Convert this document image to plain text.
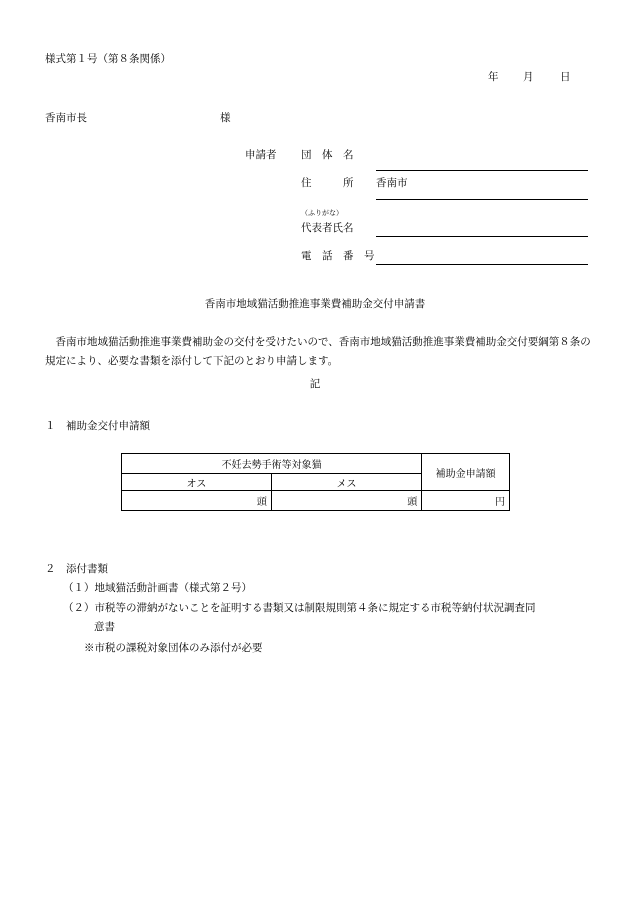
様式第１号（第８条関係）
年 月	日
香南市長	様
申請者 団　体　名
住　　　所 香南市
（ふりがな）
代表者氏名
電　話　番　号
香南市地域猫活動推進事業費補助金交付申請書
香南市地域猫活動推進事業費補助金の交付を受けたいので、香南市地域猫活動推進事業費補助金交付要綱第８条の規定により、必要な書類を添付して下記のとおり申請します。
記
１　補助金交付申請額
不妊去勢手術等対象猫		補助金申請額
オス	メス	
頭	頭	円
２　添付書類
（１）地域猫活動計画書（様式第２号）
（２）市税等の滞納がないことを証明する書類又は制限規則第４条に規定する市税等納付状況調査同
意書
※市税の課税対象団体のみ添付が必要
